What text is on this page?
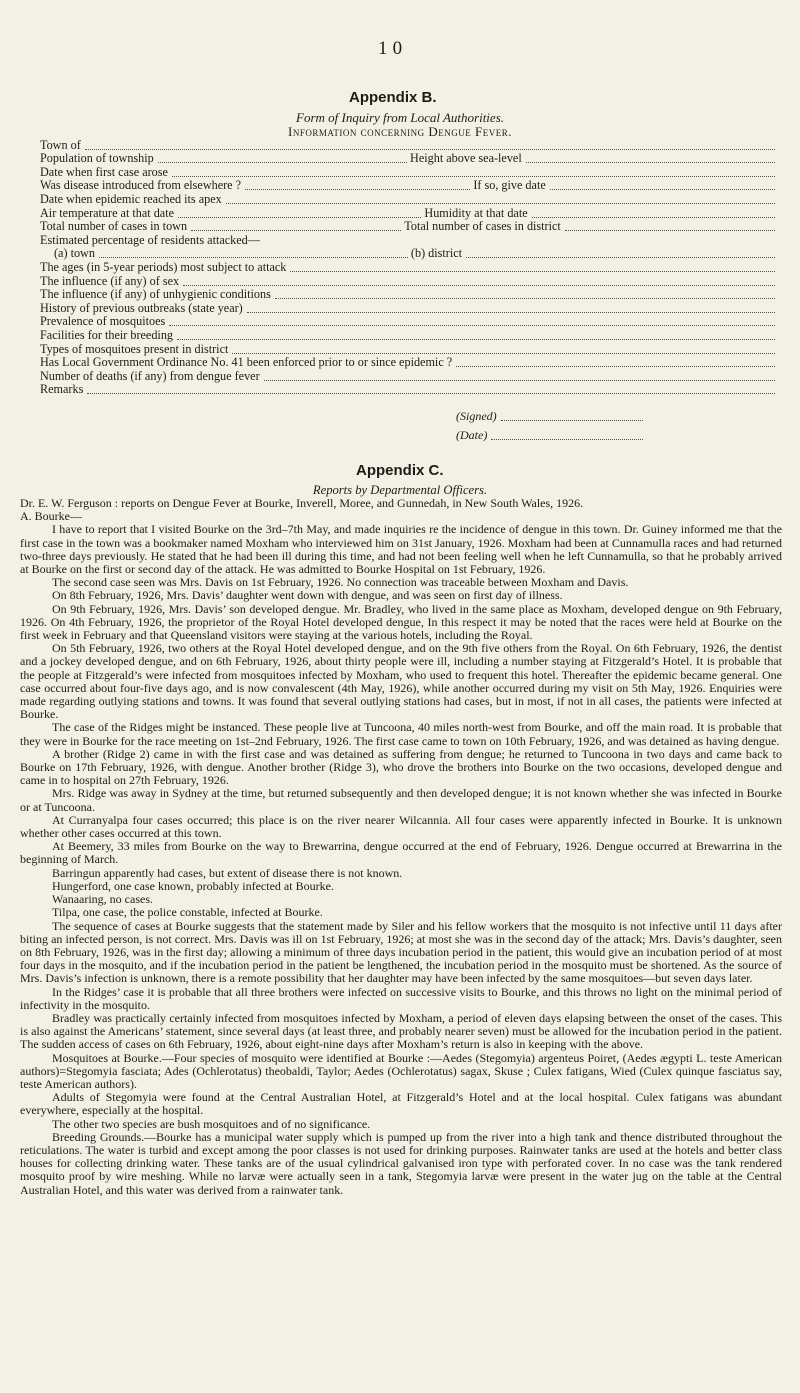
1 0
Appendix B.
Form of Inquiry from Local Authorities.
Information concerning Dengue Fever.
Town of
Population of township	Height above sea-level
Date when first case arose
Was disease introduced from elsewhere ?	If so, give date
Date when epidemic reached its apex
Air temperature at that date	Humidity at that date
Total number of cases in town	Total number of cases in district
Estimated percentage of residents attacked—
(a) town	(b) district
The ages (in 5-year periods) most subject to attack
The influence (if any) of sex
The influence (if any) of unhygienic conditions
History of previous outbreaks (state year)
Prevalence of mosquitoes
Facilities for their breeding
Types of mosquitoes present in district
Has Local Government Ordinance No. 41 been enforced prior to or since epidemic ?
Number of deaths (if any) from dengue fever
Remarks
(Signed)
(Date)
Appendix C.
Reports by Departmental Officers.

Dr. E. W. Ferguson : reports on Dengue Fever at Bourke, Inverell, Moree, and Gunnedah, in New South Wales, 1926.

A. Bourke—

I have to report that I visited Bourke on the 3rd–7th May, and made inquiries re the incidence of dengue in this town. Dr. Guiney informed me that the first case in the town was a bookmaker named Moxham who interviewed him on 31st January, 1926. Moxham had been at Cunnamulla races and had returned two-three days previously. He stated that he had been ill during this time, and had not been feeling well when he left Cunnamulla, so that he probably arrived at Bourke on the first or second day of the attack. He was admitted to Bourke Hospital on 1st February, 1926.

The second case seen was Mrs. Davis on 1st February, 1926. No connection was traceable between Moxham and Davis.

On 8th February, 1926, Mrs. Davis’ daughter went down with dengue, and was seen on first day of illness.

On 9th February, 1926, Mrs. Davis’ son developed dengue. Mr. Bradley, who lived in the same place as Moxham, developed dengue on 9th February, 1926. On 4th February, 1926, the proprietor of the Royal Hotel developed dengue, In this respect it may be noted that the races were held at Bourke on the first week in February and that Queensland visitors were staying at the various hotels, including the Royal.

On 5th February, 1926, two others at the Royal Hotel developed dengue, and on the 9th five others from the Royal. On 6th February, 1926, the dentist and a jockey developed dengue, and on 6th February, 1926, about thirty people were ill, including a number staying at Fitzgerald’s Hotel. It is probable that the people at Fitzgerald’s were infected from mosquitoes infected by Moxham, who used to frequent this hotel. Thereafter the epidemic became general. One case occurred about four-five days ago, and is now convalescent (4th May, 1926), while another occurred during my visit on 5th May, 1926. Enquiries were made regarding outlying stations and towns. It was found that several outlying stations had cases, but in most, if not in all cases, the patients were infected at Bourke.

The case of the Ridges might be instanced. These people live at Tuncoona, 40 miles north-west from Bourke, and off the main road. It is probable that they were in Bourke for the race meeting on 1st–2nd February, 1926. The first case came to town on 10th February, 1926, and was detained as having dengue.

A brother (Ridge 2) came in with the first case and was detained as suffering from dengue; he returned to Tuncoona in two days and came back to Bourke on 17th February, 1926, with dengue. Another brother (Ridge 3), who drove the brothers into Bourke on the two occasions, developed dengue and came in to hospital on 27th February, 1926.

Mrs. Ridge was away in Sydney at the time, but returned subsequently and then developed dengue; it is not known whether she was infected in Bourke or at Tuncoona.

At Curranyalpa four cases occurred; this place is on the river nearer Wilcannia. All four cases were apparently infected in Bourke. It is unknown whether other cases occurred at this town.

At Beemery, 33 miles from Bourke on the way to Brewarrina, dengue occurred at the end of February, 1926. Dengue occurred at Brewarrina in the beginning of March.

Barringun apparently had cases, but extent of disease there is not known.

Hungerford, one case known, probably infected at Bourke.

Wanaaring, no cases.

Tilpa, one case, the police constable, infected at Bourke.

The sequence of cases at Bourke suggests that the statement made by Siler and his fellow workers that the mosquito is not infective until 11 days after biting an infected person, is not correct. Mrs. Davis was ill on 1st February, 1926; at most she was in the second day of the attack; Mrs. Davis’s daughter, seen on 8th February, 1926, was in the first day; allowing a minimum of three days incubation period in the patient, this would give an incubation period of at most four days in the mosquito, and if the incubation period in the patient be lengthened, the incubation period in the mosquito must be shortened. As the source of Mrs. Davis’s infection is unknown, there is a remote possibility that her daughter may have been infected by the same mosquitoes—but seven days later.

In the Ridges’ case it is probable that all three brothers were infected on successive visits to Bourke, and this throws no light on the minimal period of infectivity in the mosquito.

Bradley was practically certainly infected from mosquitoes infected by Moxham, a period of eleven days elapsing between the onset of the cases. This is also against the Americans’ statement, since several days (at least three, and probably nearer seven) must be allowed for the incubation period in the patient. The sudden access of cases on 6th February, 1926, about eight-nine days after Moxham’s return is also in keeping with the above.

Mosquitoes at Bourke.—Four species of mosquito were identified at Bourke :—Aedes (Stegomyia) argenteus Poiret, (Aedes ægypti L. teste American authors)=Stegomyia fasciata; Ades (Ochlerotatus) theobaldi, Taylor; Aedes (Ochlerotatus) sagax, Skuse ; Culex fatigans, Wied (Culex quinque fasciatus say, teste American authors).

Adults of Stegomyia were found at the Central Australian Hotel, at Fitzgerald’s Hotel and at the local hospital. Culex fatigans was abundant everywhere, especially at the hospital.

The other two species are bush mosquitoes and of no significance.

Breeding Grounds.—Bourke has a municipal water supply which is pumped up from the river into a high tank and thence distributed throughout the reticulations. The water is turbid and except among the poor classes is not used for drinking purposes. Rainwater tanks are used at the hotels and better class houses for collecting drinking water. These tanks are of the usual cylindrical galvanised iron type with perforated cover. In no case was the tank rendered mosquito proof by wire meshing. While no larvæ were actually seen in a tank, Stegomyia larvæ were present in the water jug on the table at the Central Australian Hotel, and this water was derived from a rainwater tank.
